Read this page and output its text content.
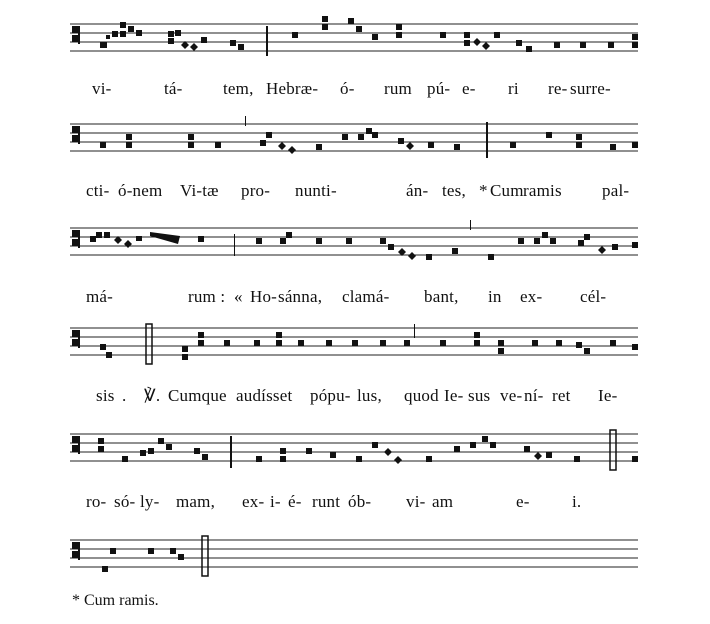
vi-	tá- tem, Hebræ- ó- rum pú- e- ri re- surre-
cti- ó-nem Vi-tæ pro- nunti-	án- tes, * Cum ramis pal-
má-	rum : « Ho- sánna, clamá- bant, in ex- cél-
sis . ℣. Cumque audísset pópu- lus, quod Ie- sus ve- ní- ret Ie-
ro- só- ly- mam, ex- i- é- runt ób- vi- am	e- i.
* Cum ramis.
